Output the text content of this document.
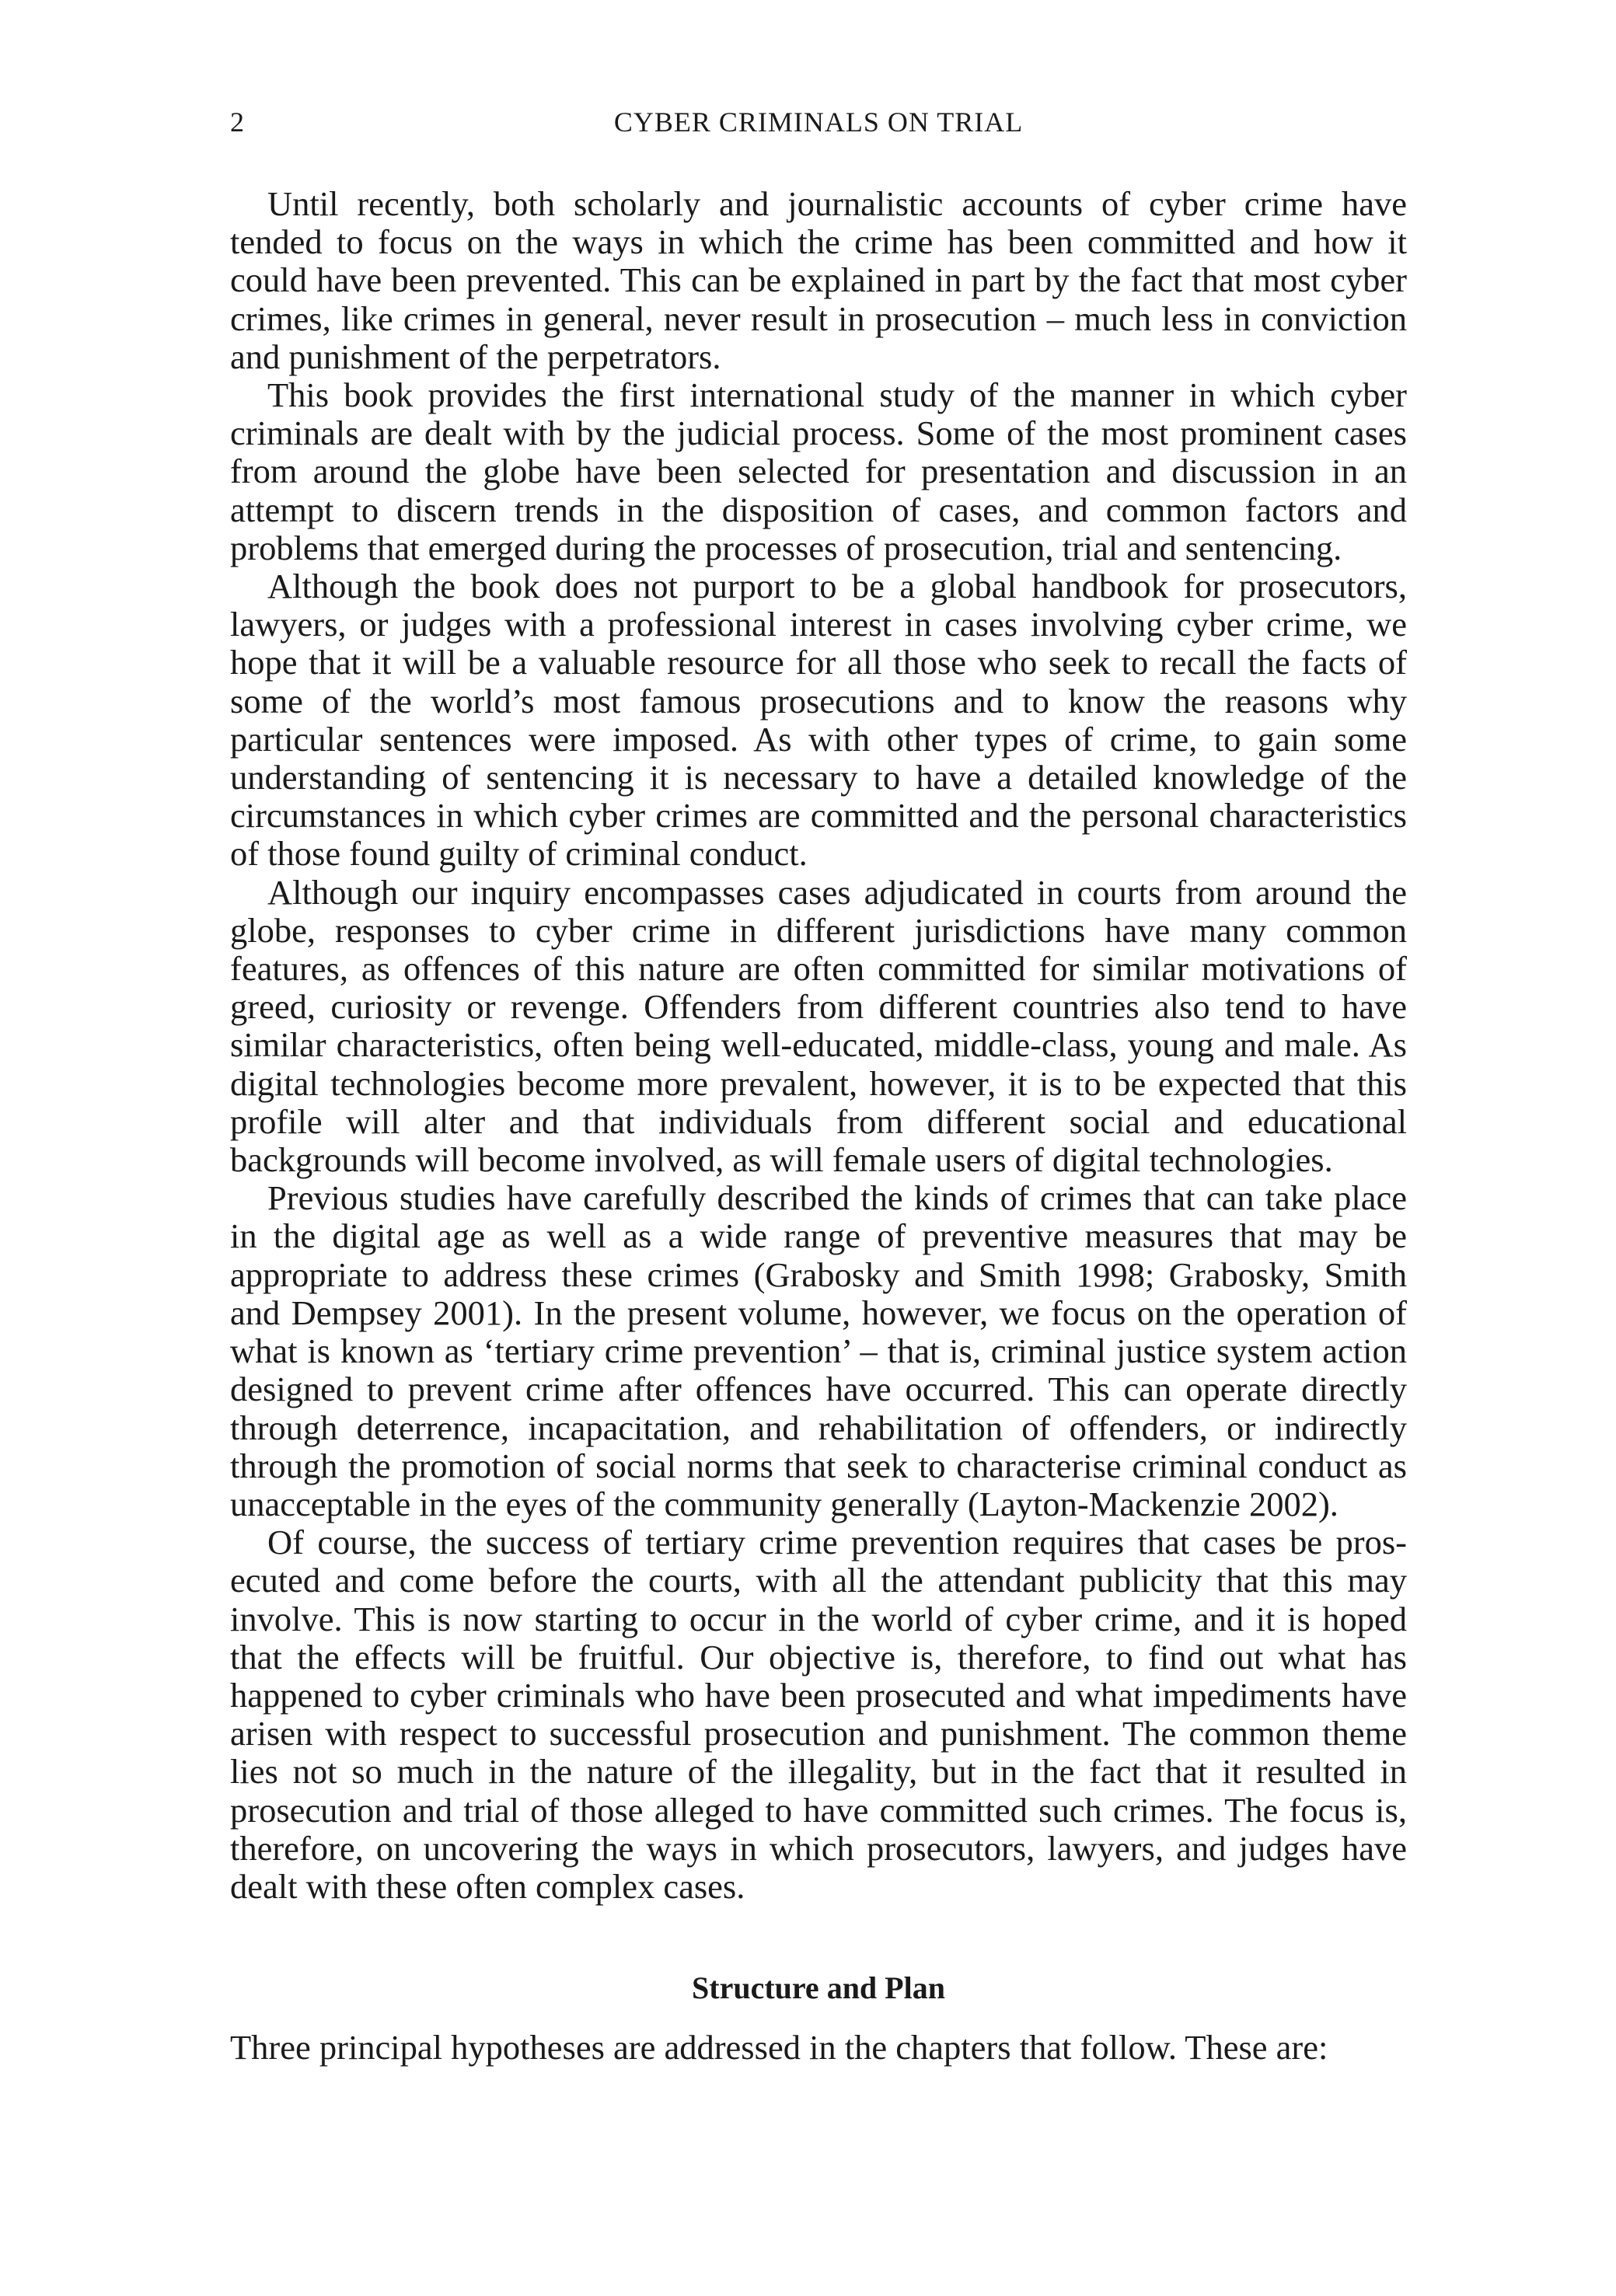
2	CYBER CRIMINALS ON TRIAL

Until recently, both scholarly and journalistic accounts of cyber crime have tended to focus on the ways in which the crime has been committed and how it could have been prevented. This can be explained in part by the fact that most cyber crimes, like crimes in general, never result in prosecution – much less in conviction and punishment of the perpetrators.

This book provides the first international study of the manner in which cyber criminals are dealt with by the judicial process. Some of the most prominent cases from around the globe have been selected for presentation and discussion in an attempt to discern trends in the disposition of cases, and common factors and problems that emerged during the processes of prosecution, trial and sentencing.

Although the book does not purport to be a global handbook for prosecutors, lawyers, or judges with a professional interest in cases involving cyber crime, we hope that it will be a valuable resource for all those who seek to recall the facts of some of the world’s most famous prosecutions and to know the reasons why particular sentences were imposed. As with other types of crime, to gain some understanding of sentencing it is necessary to have a detailed knowledge of the circumstances in which cyber crimes are committed and the personal characteristics of those found guilty of criminal conduct.

Although our inquiry encompasses cases adjudicated in courts from around the globe, responses to cyber crime in different jurisdictions have many common features, as offences of this nature are often committed for similar motivations of greed, curiosity or revenge. Offenders from different countries also tend to have similar characteristics, often being well-educated, middle-class, young and male. As digital technologies become more prevalent, however, it is to be expected that this profile will alter and that individuals from different social and educational backgrounds will become involved, as will female users of digital technologies.

Previous studies have carefully described the kinds of crimes that can take place in the digital age as well as a wide range of preventive measures that may be appropriate to address these crimes (Grabosky and Smith 1998; Grabosky, Smith and Dempsey 2001). In the present volume, however, we focus on the operation of what is known as ‘tertiary crime prevention’ – that is, criminal justice system action designed to prevent crime after offences have occurred. This can operate directly through deterrence, incapacitation, and rehabilitation of offenders, or indirectly through the promotion of social norms that seek to characterise criminal conduct as unacceptable in the eyes of the community generally (Layton-Mackenzie 2002).

Of course, the success of tertiary crime prevention requires that cases be prosecuted and come before the courts, with all the attendant publicity that this may involve. This is now starting to occur in the world of cyber crime, and it is hoped that the effects will be fruitful. Our objective is, therefore, to find out what has happened to cyber criminals who have been prosecuted and what impediments have arisen with respect to successful prosecution and punishment. The common theme lies not so much in the nature of the illegality, but in the fact that it resulted in prosecution and trial of those alleged to have committed such crimes. The focus is, therefore, on uncovering the ways in which prosecutors, lawyers, and judges have dealt with these often complex cases.

Structure and Plan

Three principal hypotheses are addressed in the chapters that follow. These are:
